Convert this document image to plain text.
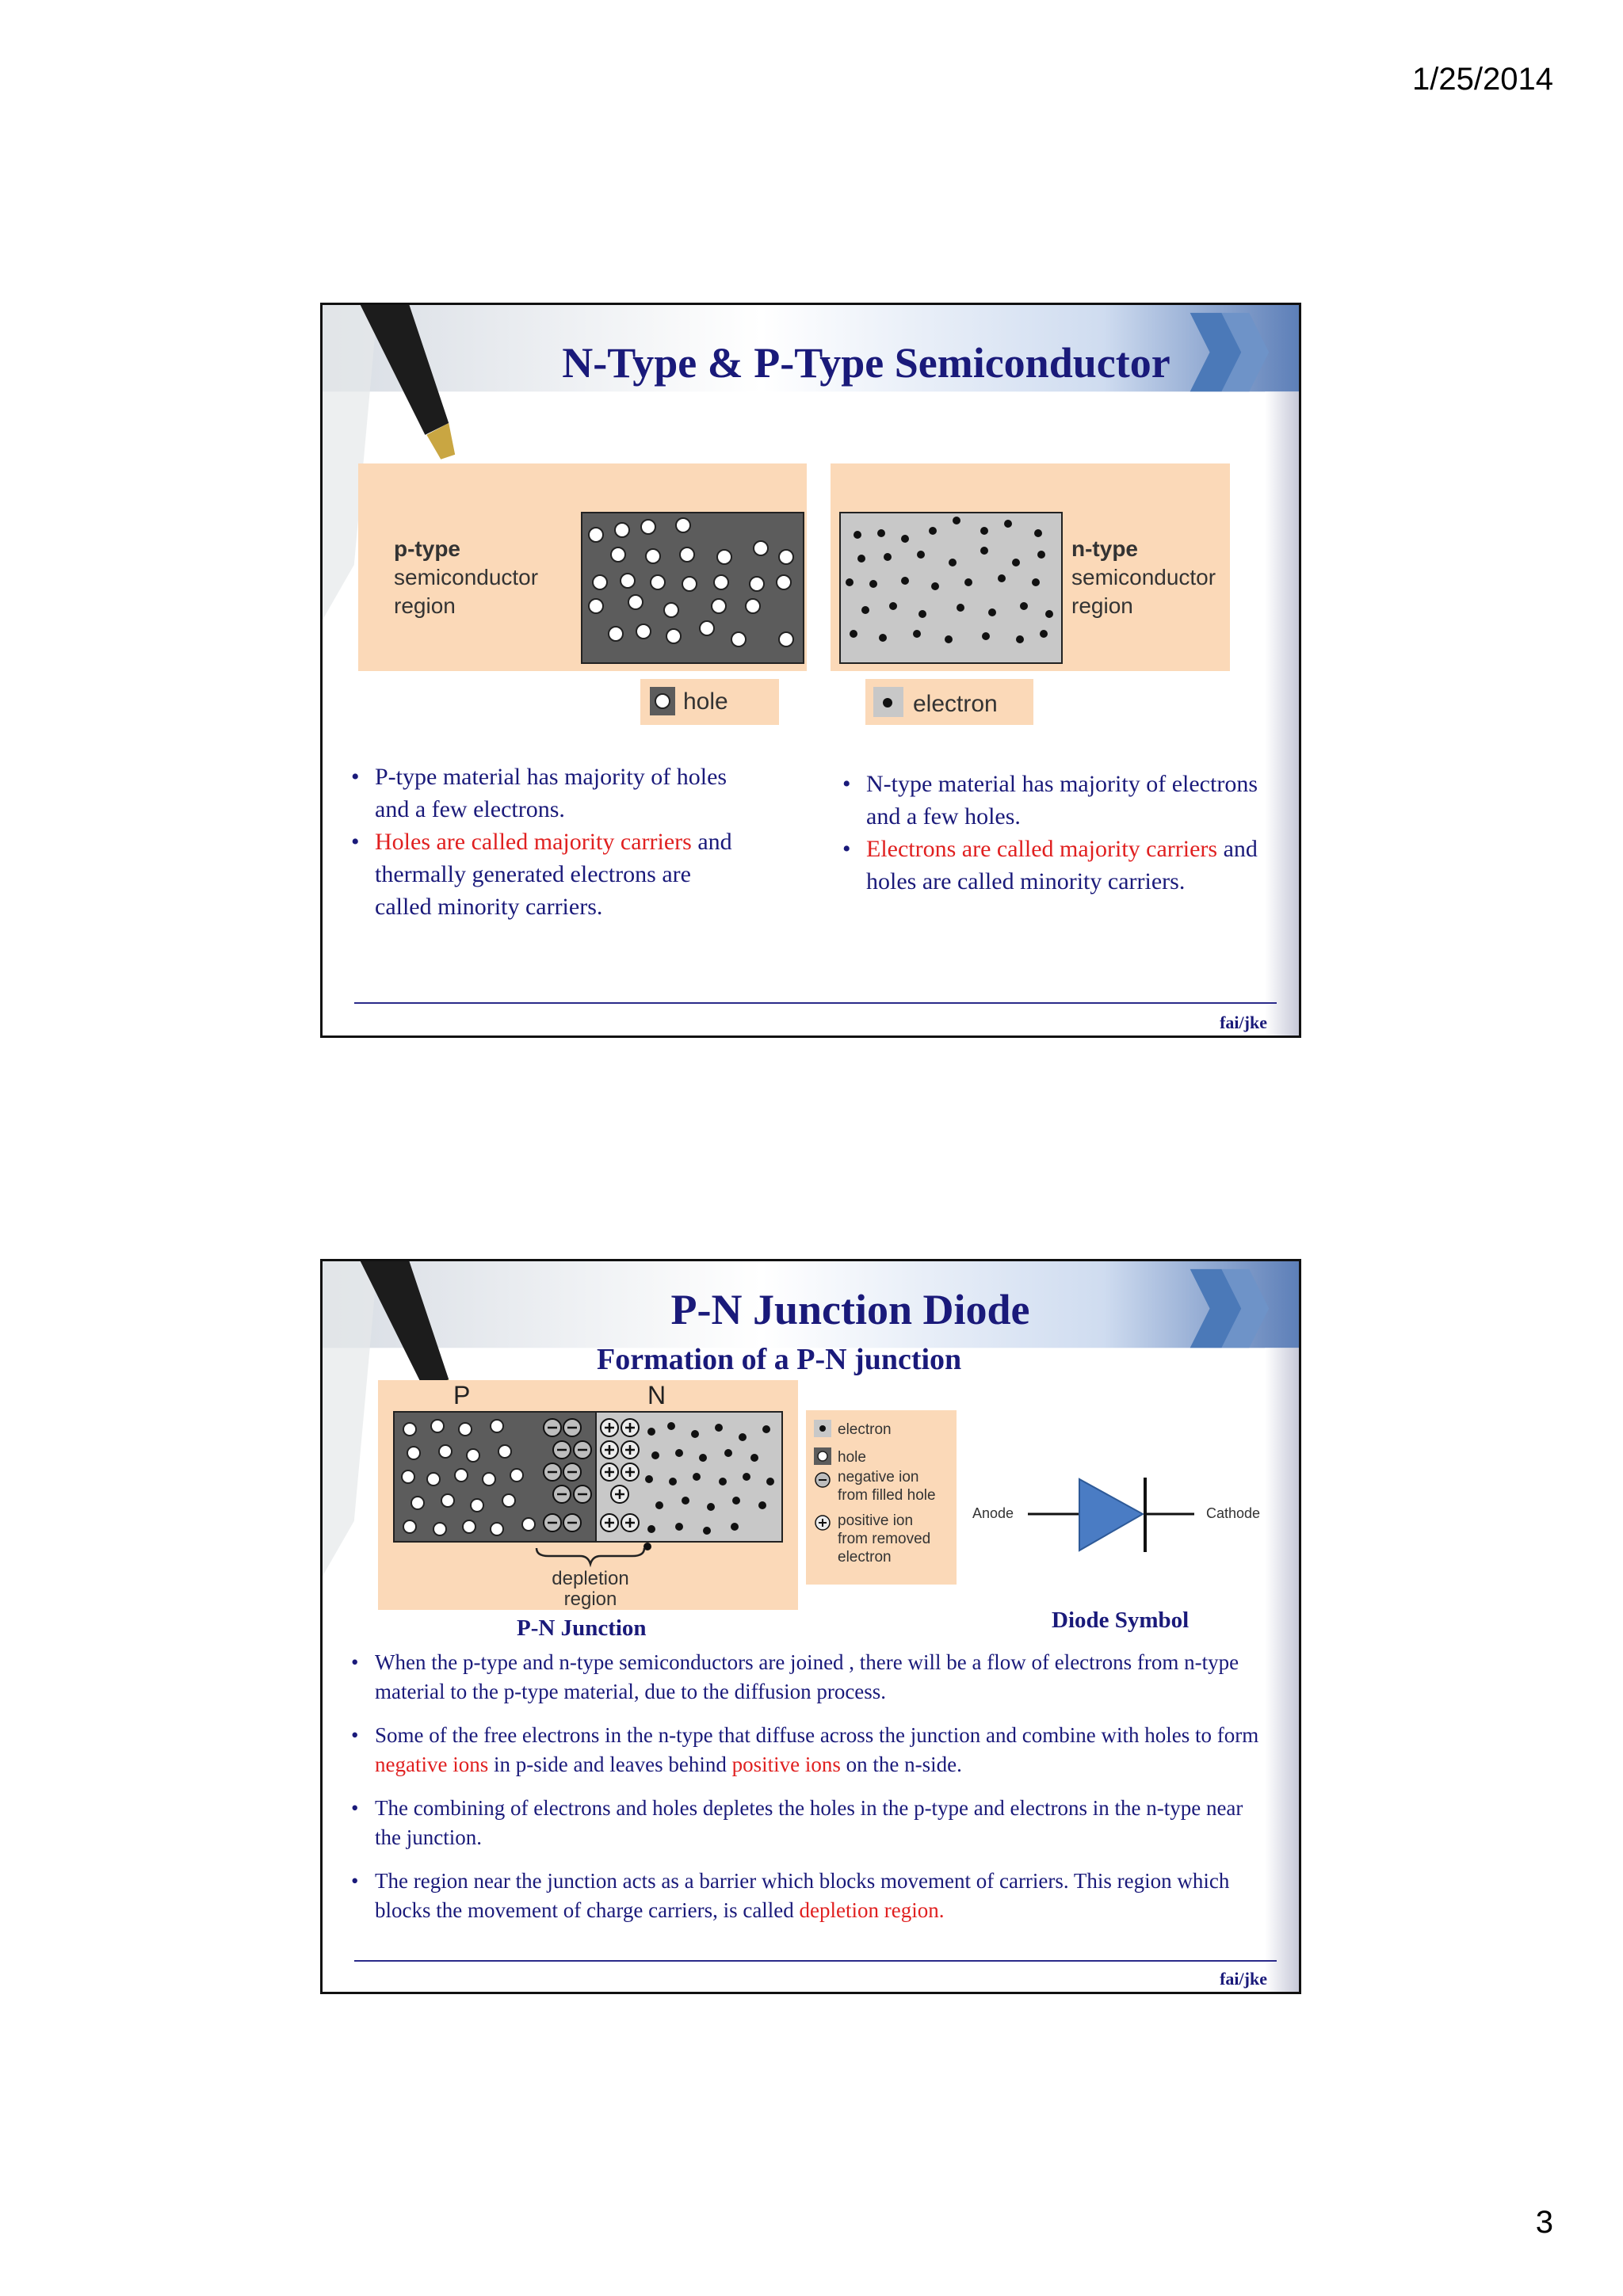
1/25/2014
N-Type & P-Type Semiconductor
p-type
semiconductor
region
n-type
semiconductor
region
hole	electron
• P-type material has majority of holes and a few electrons.
• Holes are called majority carriers and thermally generated electrons are called minority carriers.
• N-type material has majority of electrons and a few holes.
• Electrons are called majority carriers and holes are called minority carriers.
fai/jke
P-N Junction Diode
Formation of a P-N junction
P	N
depletion
region
electron
hole
negative ion
from filled hole
positive ion
from removed
electron
Anode	Cathode
P-N Junction	Diode Symbol
• When the p-type and n-type semiconductors are joined , there will be a flow of electrons from n-type material to the p-type material, due to the diffusion process.
• Some of the free electrons in the n-type that diffuse across the junction and combine with holes to form negative ions in p-side and leaves behind positive ions on the n-side.
• The combining of electrons and holes depletes the holes in the p-type and electrons in the n-type near the junction.
• The region near the junction acts as a barrier which blocks movement of carriers. This region which blocks the movement of charge carriers, is called depletion region.
fai/jke
3
